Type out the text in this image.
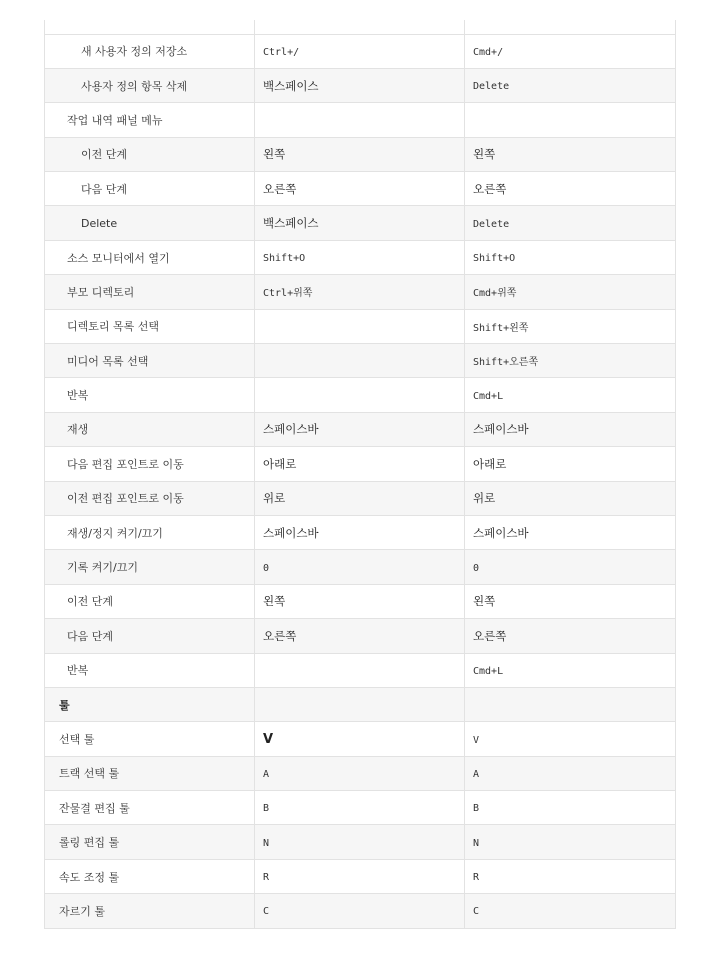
새 사용자 정의 저장소	Ctrl+/	Cmd+/
사용자 정의 항목 삭제	백스페이스	Delete
작업 내역 패널 메뉴		
이전 단계	왼쪽	왼쪽
다음 단계	오른쪽	오른쪽
Delete	백스페이스	Delete
소스 모니터에서 열기	Shift+O	Shift+O
부모 디렉토리	Ctrl+위쪽	Cmd+위쪽
디렉토리 목록 선택		Shift+왼쪽
미디어 목록 선택		Shift+오른쪽
반복		Cmd+L
재생	스페이스바	스페이스바
다음 편집 포인트로 이동	아래로	아래로
이전 편집 포인트로 이동	위로	위로
재생/정지 켜기/끄기	스페이스바	스페이스바
기록 켜기/끄기	0	0
이전 단계	왼쪽	왼쪽
다음 단계	오른쪽	오른쪽
반복		Cmd+L
툴		
선택 툴	V	V
트랙 선택 툴	A	A
잔물결 편집 툴	B	B
롤링 편집 툴	N	N
속도 조정 툴	R	R
자르기 툴	C	C
